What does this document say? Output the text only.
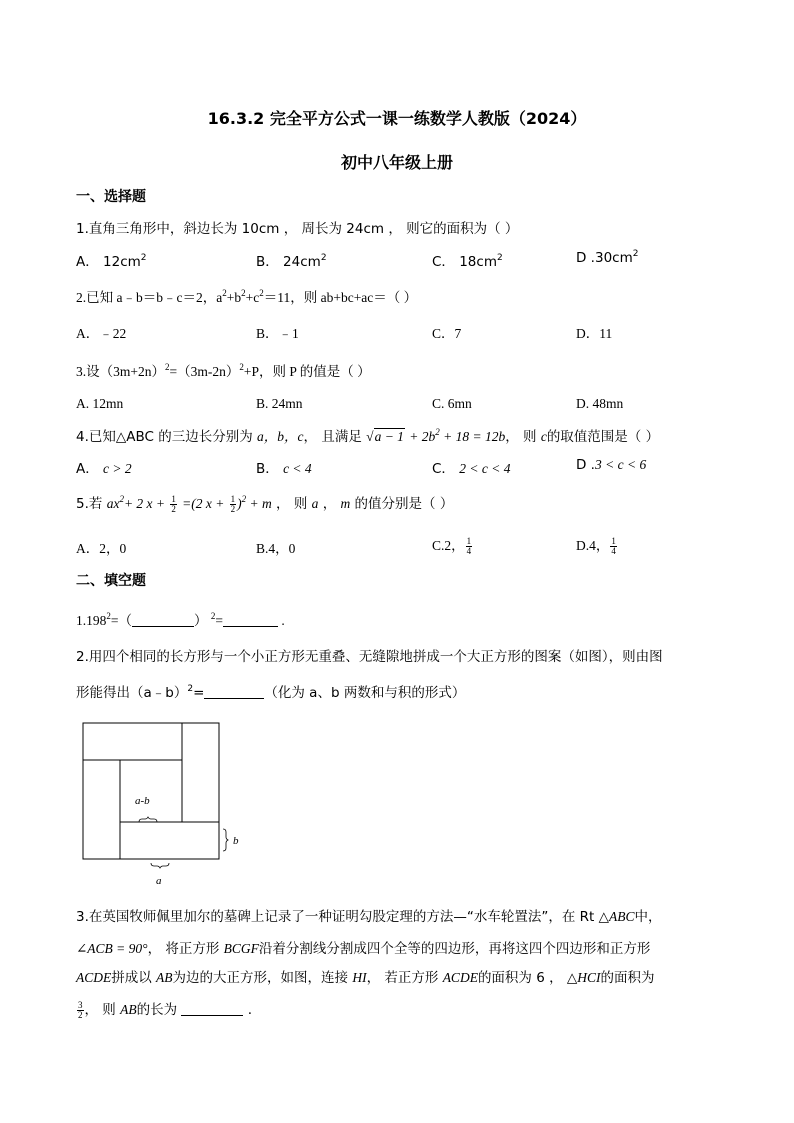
16.3.2 完全平方公式一课一练数学人教版（2024）
初中八年级上册
一、选择题
1.直角三角形中，斜边长为 10cm ， 周长为 24cm ， 则它的面积为（ ）
A． $12cm^2$	B． $24cm^2$	C． $18cm^2$	D $.30cm^2$
2.已知 a﹣b＝b﹣c＝2，$a^2+b^2+c^2=11$，则 ab+bc+ac＝（ ）
A．﹣22	B．﹣1	C．7	D．11
3.设$(3m+2n)^2=(3m-2n)^2+P$，则 P 的值是（ ）
A. 12mn	B. 24mn	C. 6mn	D. 48mn
4.已知△ABC 的三边长分别为 a，b，c， 且满足 $√a - 1 + 2b^2 + 18 = 12b$， 则 c的取值范围是（ ）
A． c > 2	B． c < 4	C． 2 < c < 4	D .3 < c < 6
5.若 $ax^2+ 2$ $x + \frac{1}{2} =(2$ $x + \frac{1}{2} )^2 + m$ ， 则 a ， m 的值分别是（ ）
A．2，0	B.4，0	C.2， $\frac{1}{4}$	D.4， $\frac{1}{4}$
二、填空题
$1.198^2=$（	） $^2$=	.
2.用四个相同的长方形与一个小正方形无重叠、无缝隙地拼成一个大正方形的图案（如图），则由图
形能得出（a﹣b）$^2$=	（化为 a、b 两数和与积的形式）
a-b
b
a
3.在英国牧师佩里加尔的墓碑上记录了一种证明勾股定理的方法—“水车轮置法”，在 Rt △ABC中，
∠ACB = 90°， 将正方形 BCGF沿着分割线分割成四个全等的四边形，再将这四个四边形和正方形
ACDE拼成以 AB为边的大正方形，如图，连接 HI， 若正方形 ACDE的面积为 6 ， △HCI的面积为
$\frac{3}{2}$ ， 则 AB的长为	.
